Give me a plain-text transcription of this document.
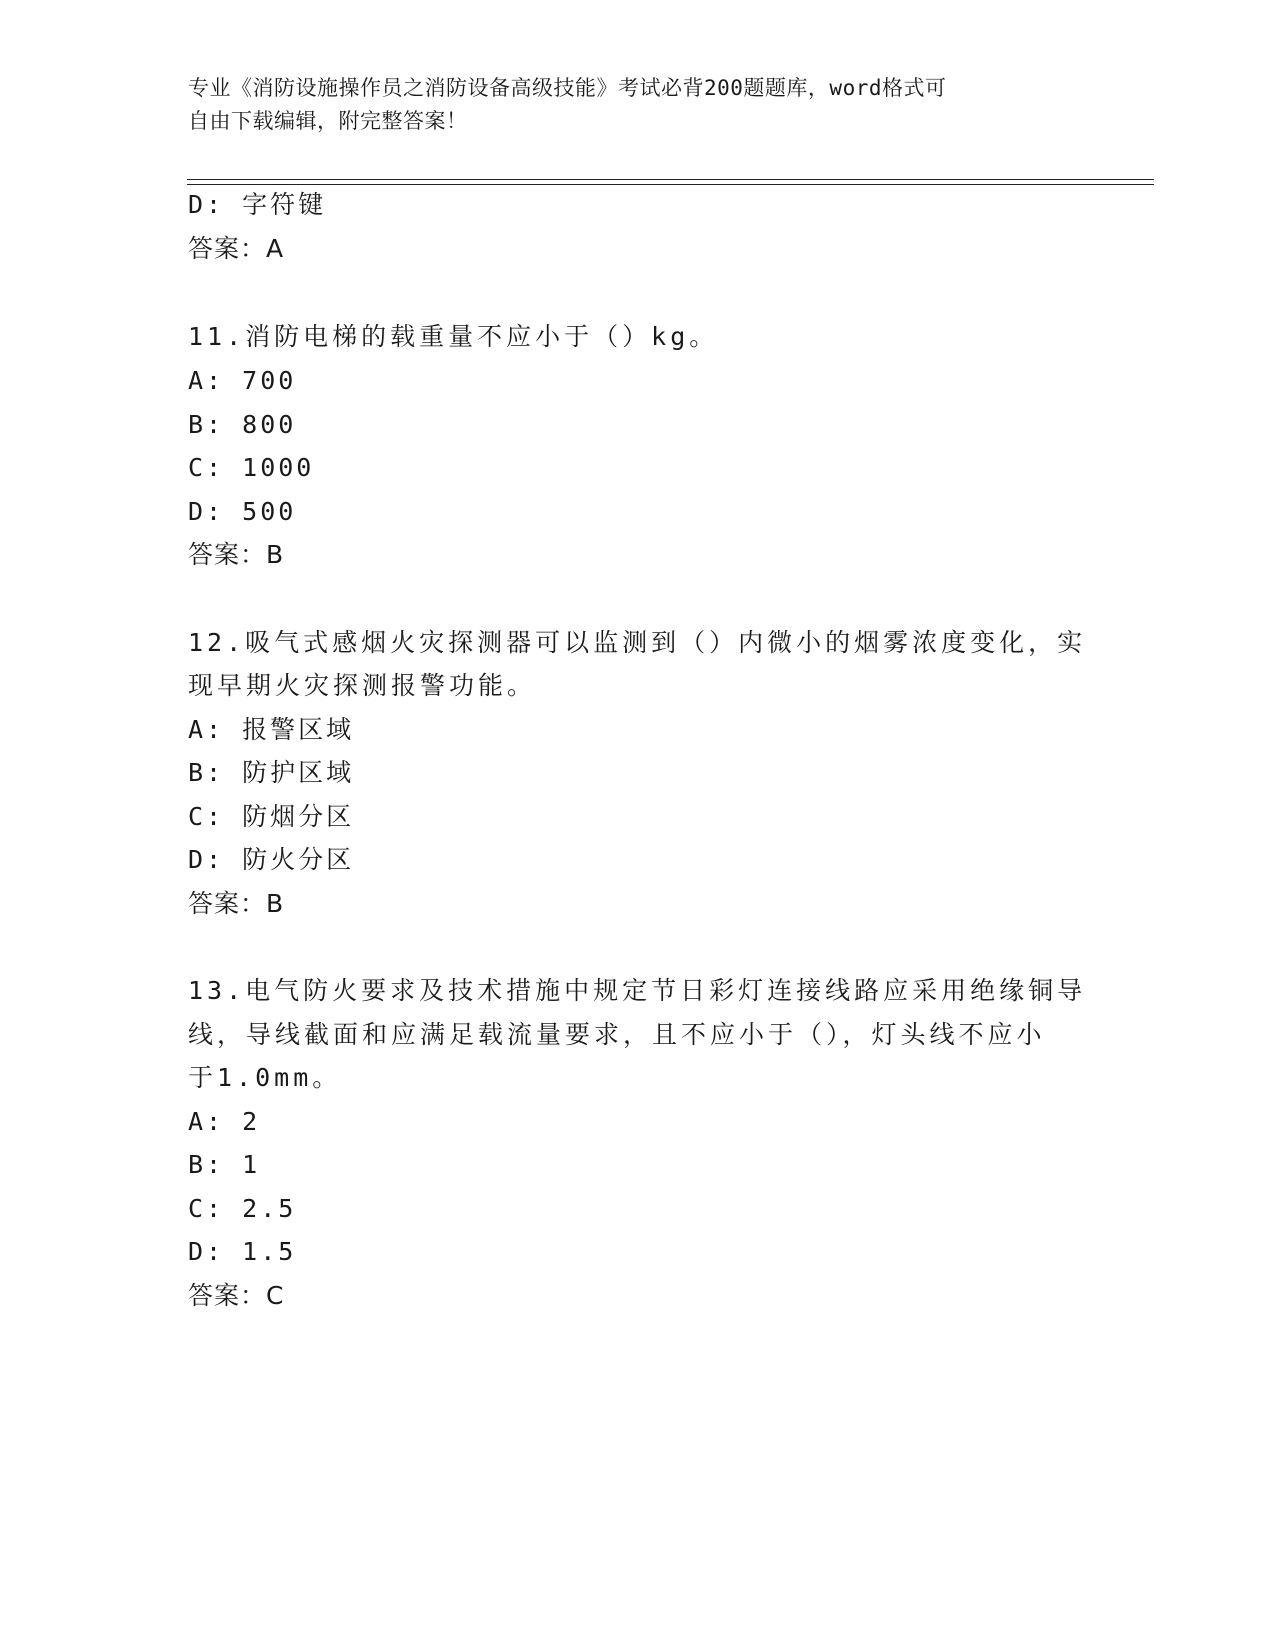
专业《消防设施操作员之消防设备高级技能》考试必背200题题库，word格式可
自由下载编辑，附完整答案！
D: 字符键
答案：A
11.消防电梯的载重量不应小于（）kg。
A: 700
B: 800
C: 1000
D: 500
答案：B
12.吸气式感烟火灾探测器可以监测到（）内微小的烟雾浓度变化，实
现早期火灾探测报警功能。
A: 报警区域
B: 防护区域
C: 防烟分区
D: 防火分区
答案：B
13.电气防火要求及技术措施中规定节日彩灯连接线路应采用绝缘铜导
线，导线截面和应满足载流量要求，且不应小于（），灯头线不应小
于1.0mm。
A: 2
B: 1
C: 2.5
D: 1.5
答案：C
